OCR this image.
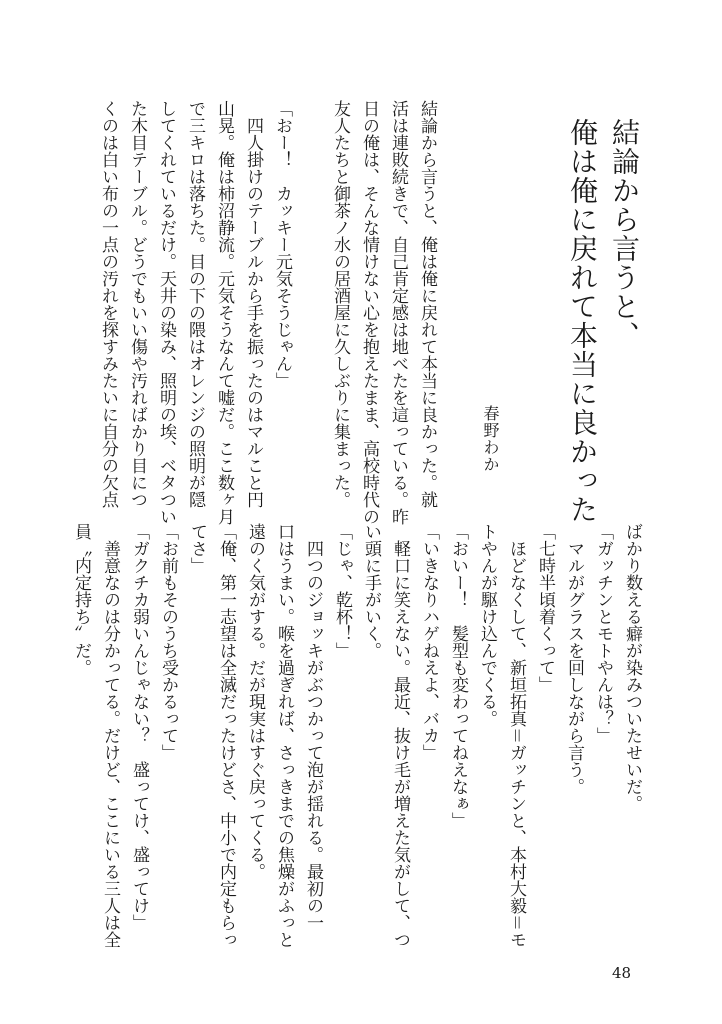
結論から言うと、
俺は俺に戻れて本当に良かった
春野わか
結論から言うと、俺は俺に戻れて本当に良かった。就
活は連敗続きで、自己肯定感は地べたを這っている。昨
日の俺は、そんな情けない心を抱えたまま、高校時代の
友人たちと御茶ノ水の居酒屋に久しぶりに集まった。
「おー！　カッキー元気そうじゃん」
　四人掛けのテーブルから手を振ったのはマルこと円
山晃。俺は柿沼静流。元気そうなんて嘘だ。ここ数ヶ月
で三キロは落ちた。目の下の隈はオレンジの照明が隠
してくれているだけ。天井の染み、照明の埃、ベタつい
た木目テーブル。どうでもいい傷や汚ればかり目につ
くのは白い布の一点の汚れを探すみたいに自分の欠点
ばかり数える癖が染みついたせいだ。
「ガッチンとモトやんは？」
　マルがグラスを回しながら言う。
「七時半頃着くって」
　ほどなくして、新垣拓真＝ガッチンと、本村大毅＝モ
トやんが駆け込んでくる。
「おいー！　髪型も変わってねえなぁ」
「いきなりハゲねえよ、バカ」
　軽口に笑えない。最近、抜け毛が増えた気がして、つ
い頭に手がいく。
「じゃ、乾杯！」
　四つのジョッキがぶつかって泡が揺れる。最初の一
口はうまい。喉を過ぎれば、さっきまでの焦燥がふっと
遠のく気がする。だが現実はすぐ戻ってくる。
「俺、第一志望は全滅だったけどさ、中小で内定もらっ
てさ」
「お前もそのうち受かるって」
「ガクチカ弱いんじゃない？　盛ってけ、盛ってけ」
　善意なのは分かってる。だけど、ここにいる三人は全
員〝内定持ち〟だ。
48
